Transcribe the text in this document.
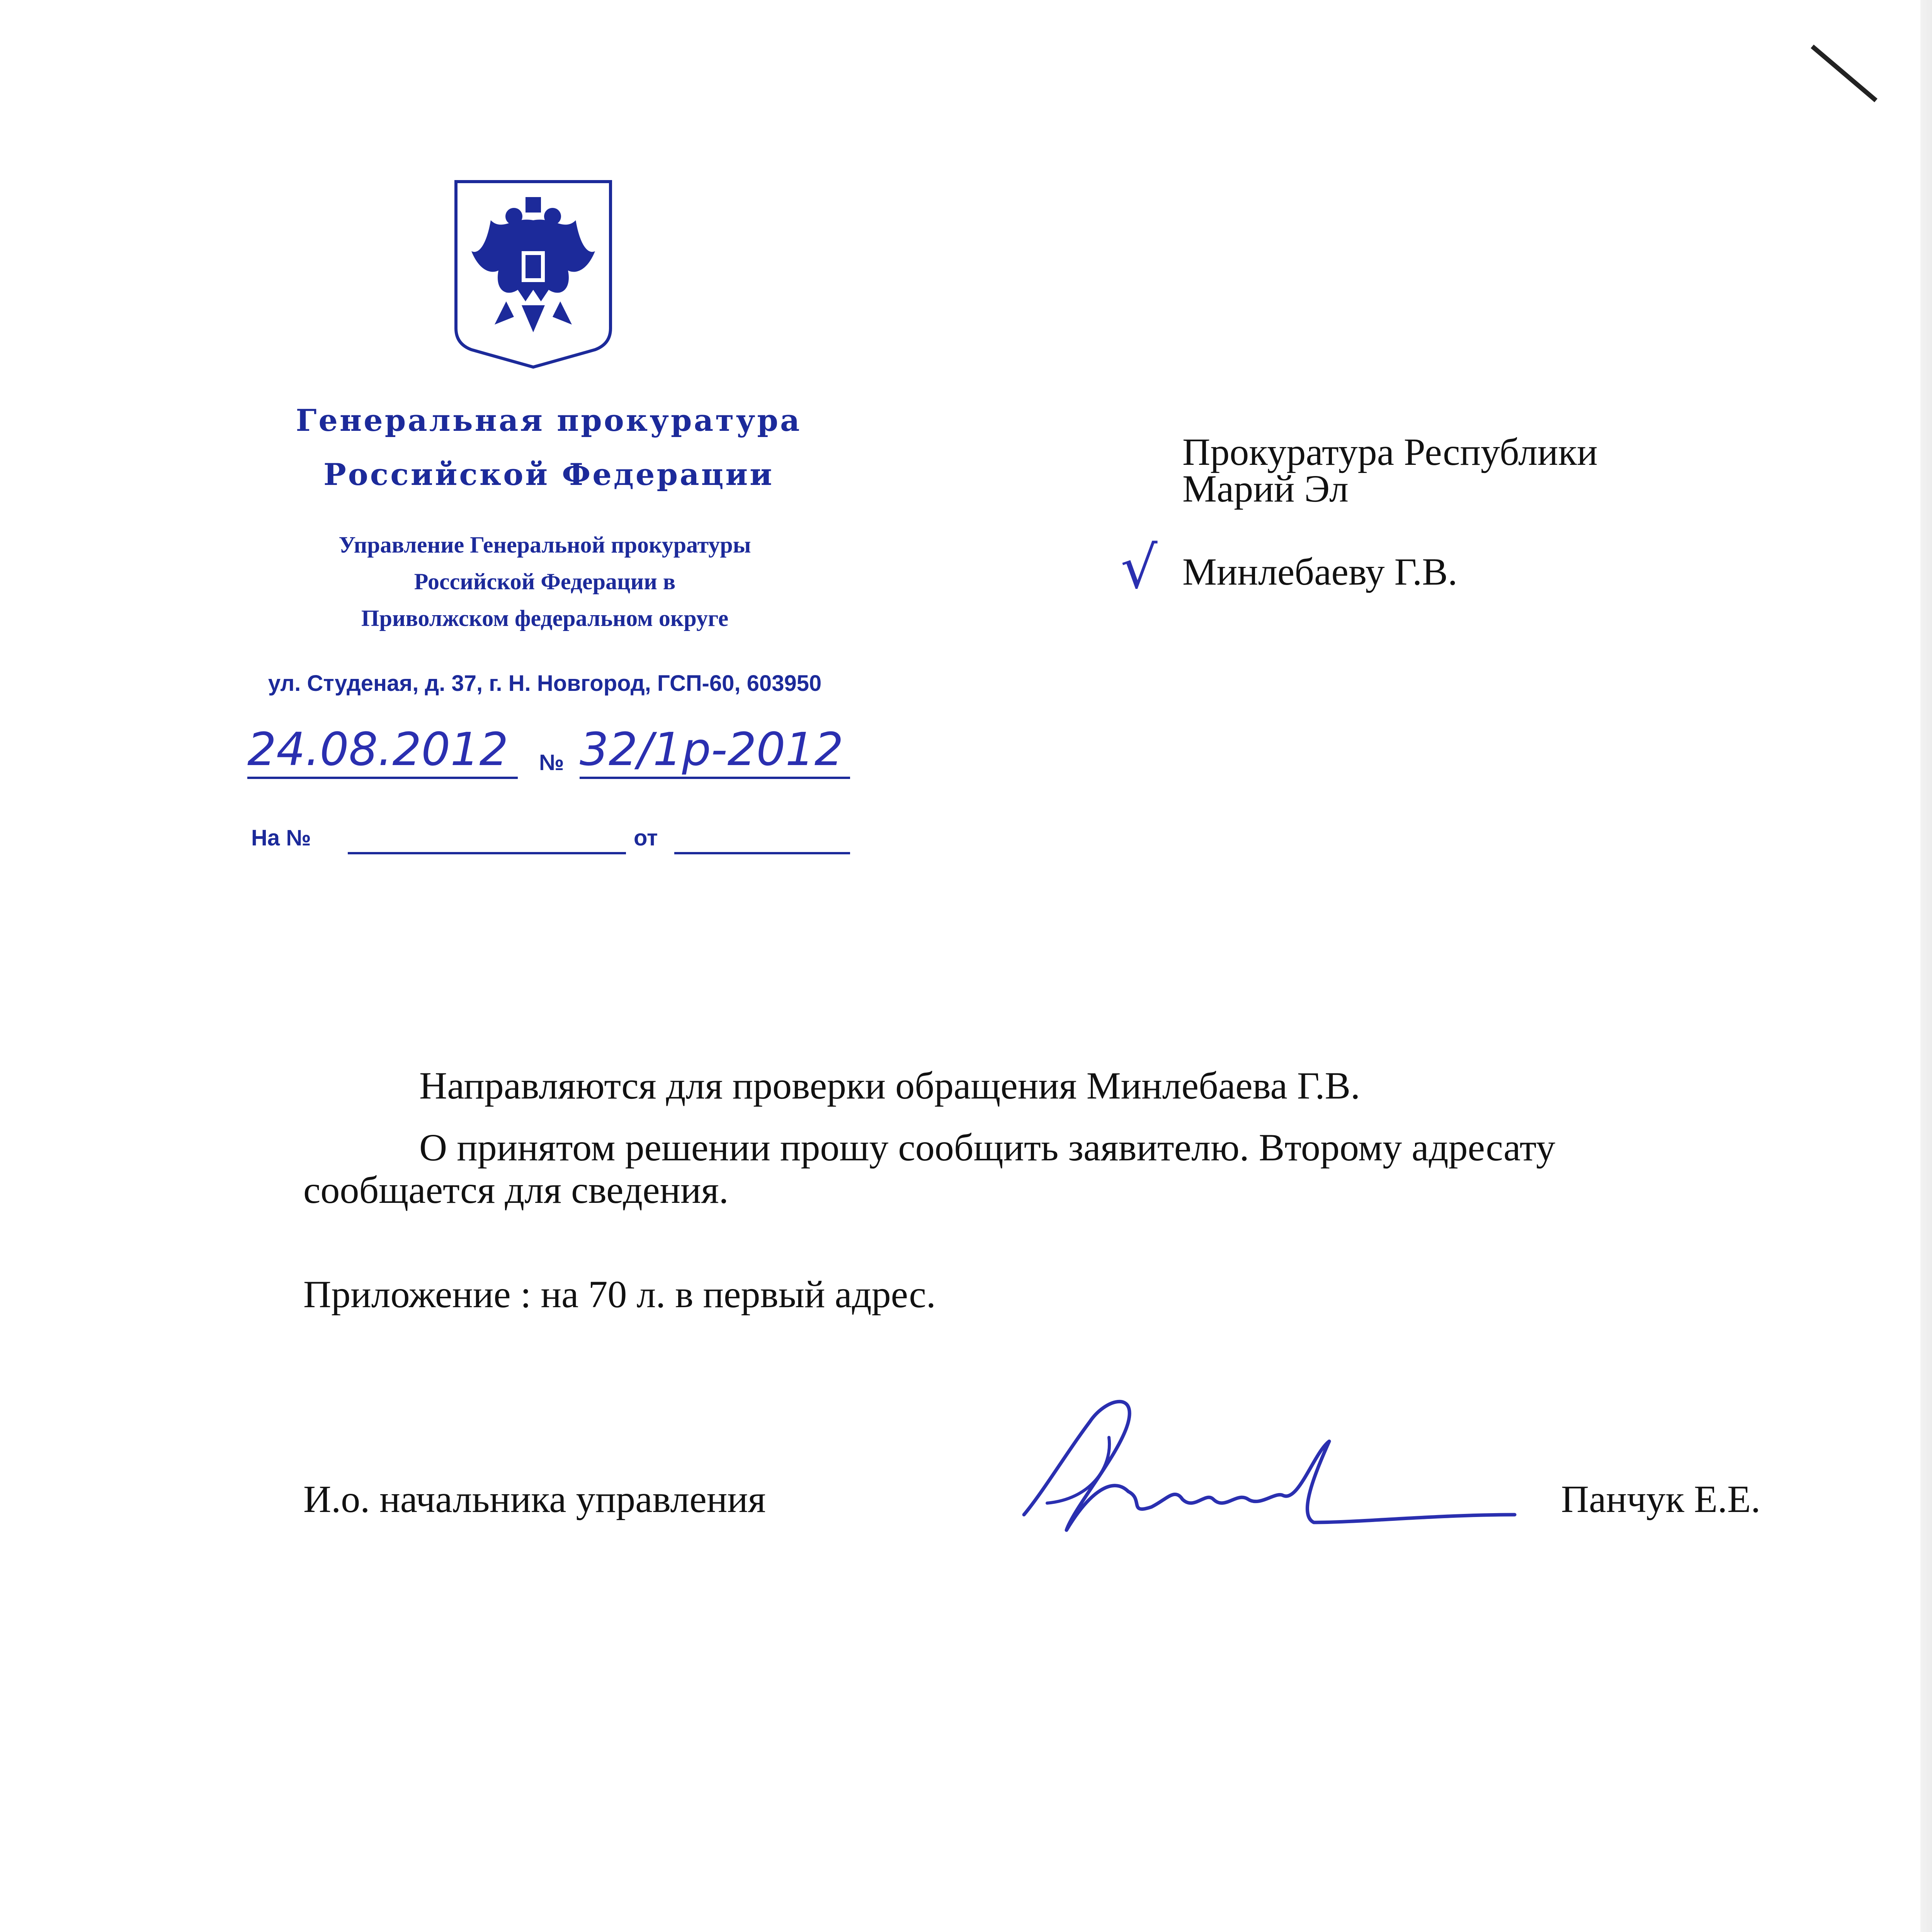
Генеральная прокуратура
Российской Федерации
Управление Генеральной прокуратуры
Российской Федерации в
Приволжском федеральном округе
ул. Студеная, д. 37, г. Н. Новгород, ГСП-60, 603950
24.08.2012 № 32/1р-2012
На №	от
Прокуратура Республики
Марий Эл
√ Минлебаеву Г.В.
Направляются для проверки обращения Минлебаева Г.В.
О принятом решении прошу сообщить заявителю. Второму адресату
сообщается для сведения.
Приложение : на 70 л. в первый адрес.
И.о. начальника управления	Панчук Е.Е.
